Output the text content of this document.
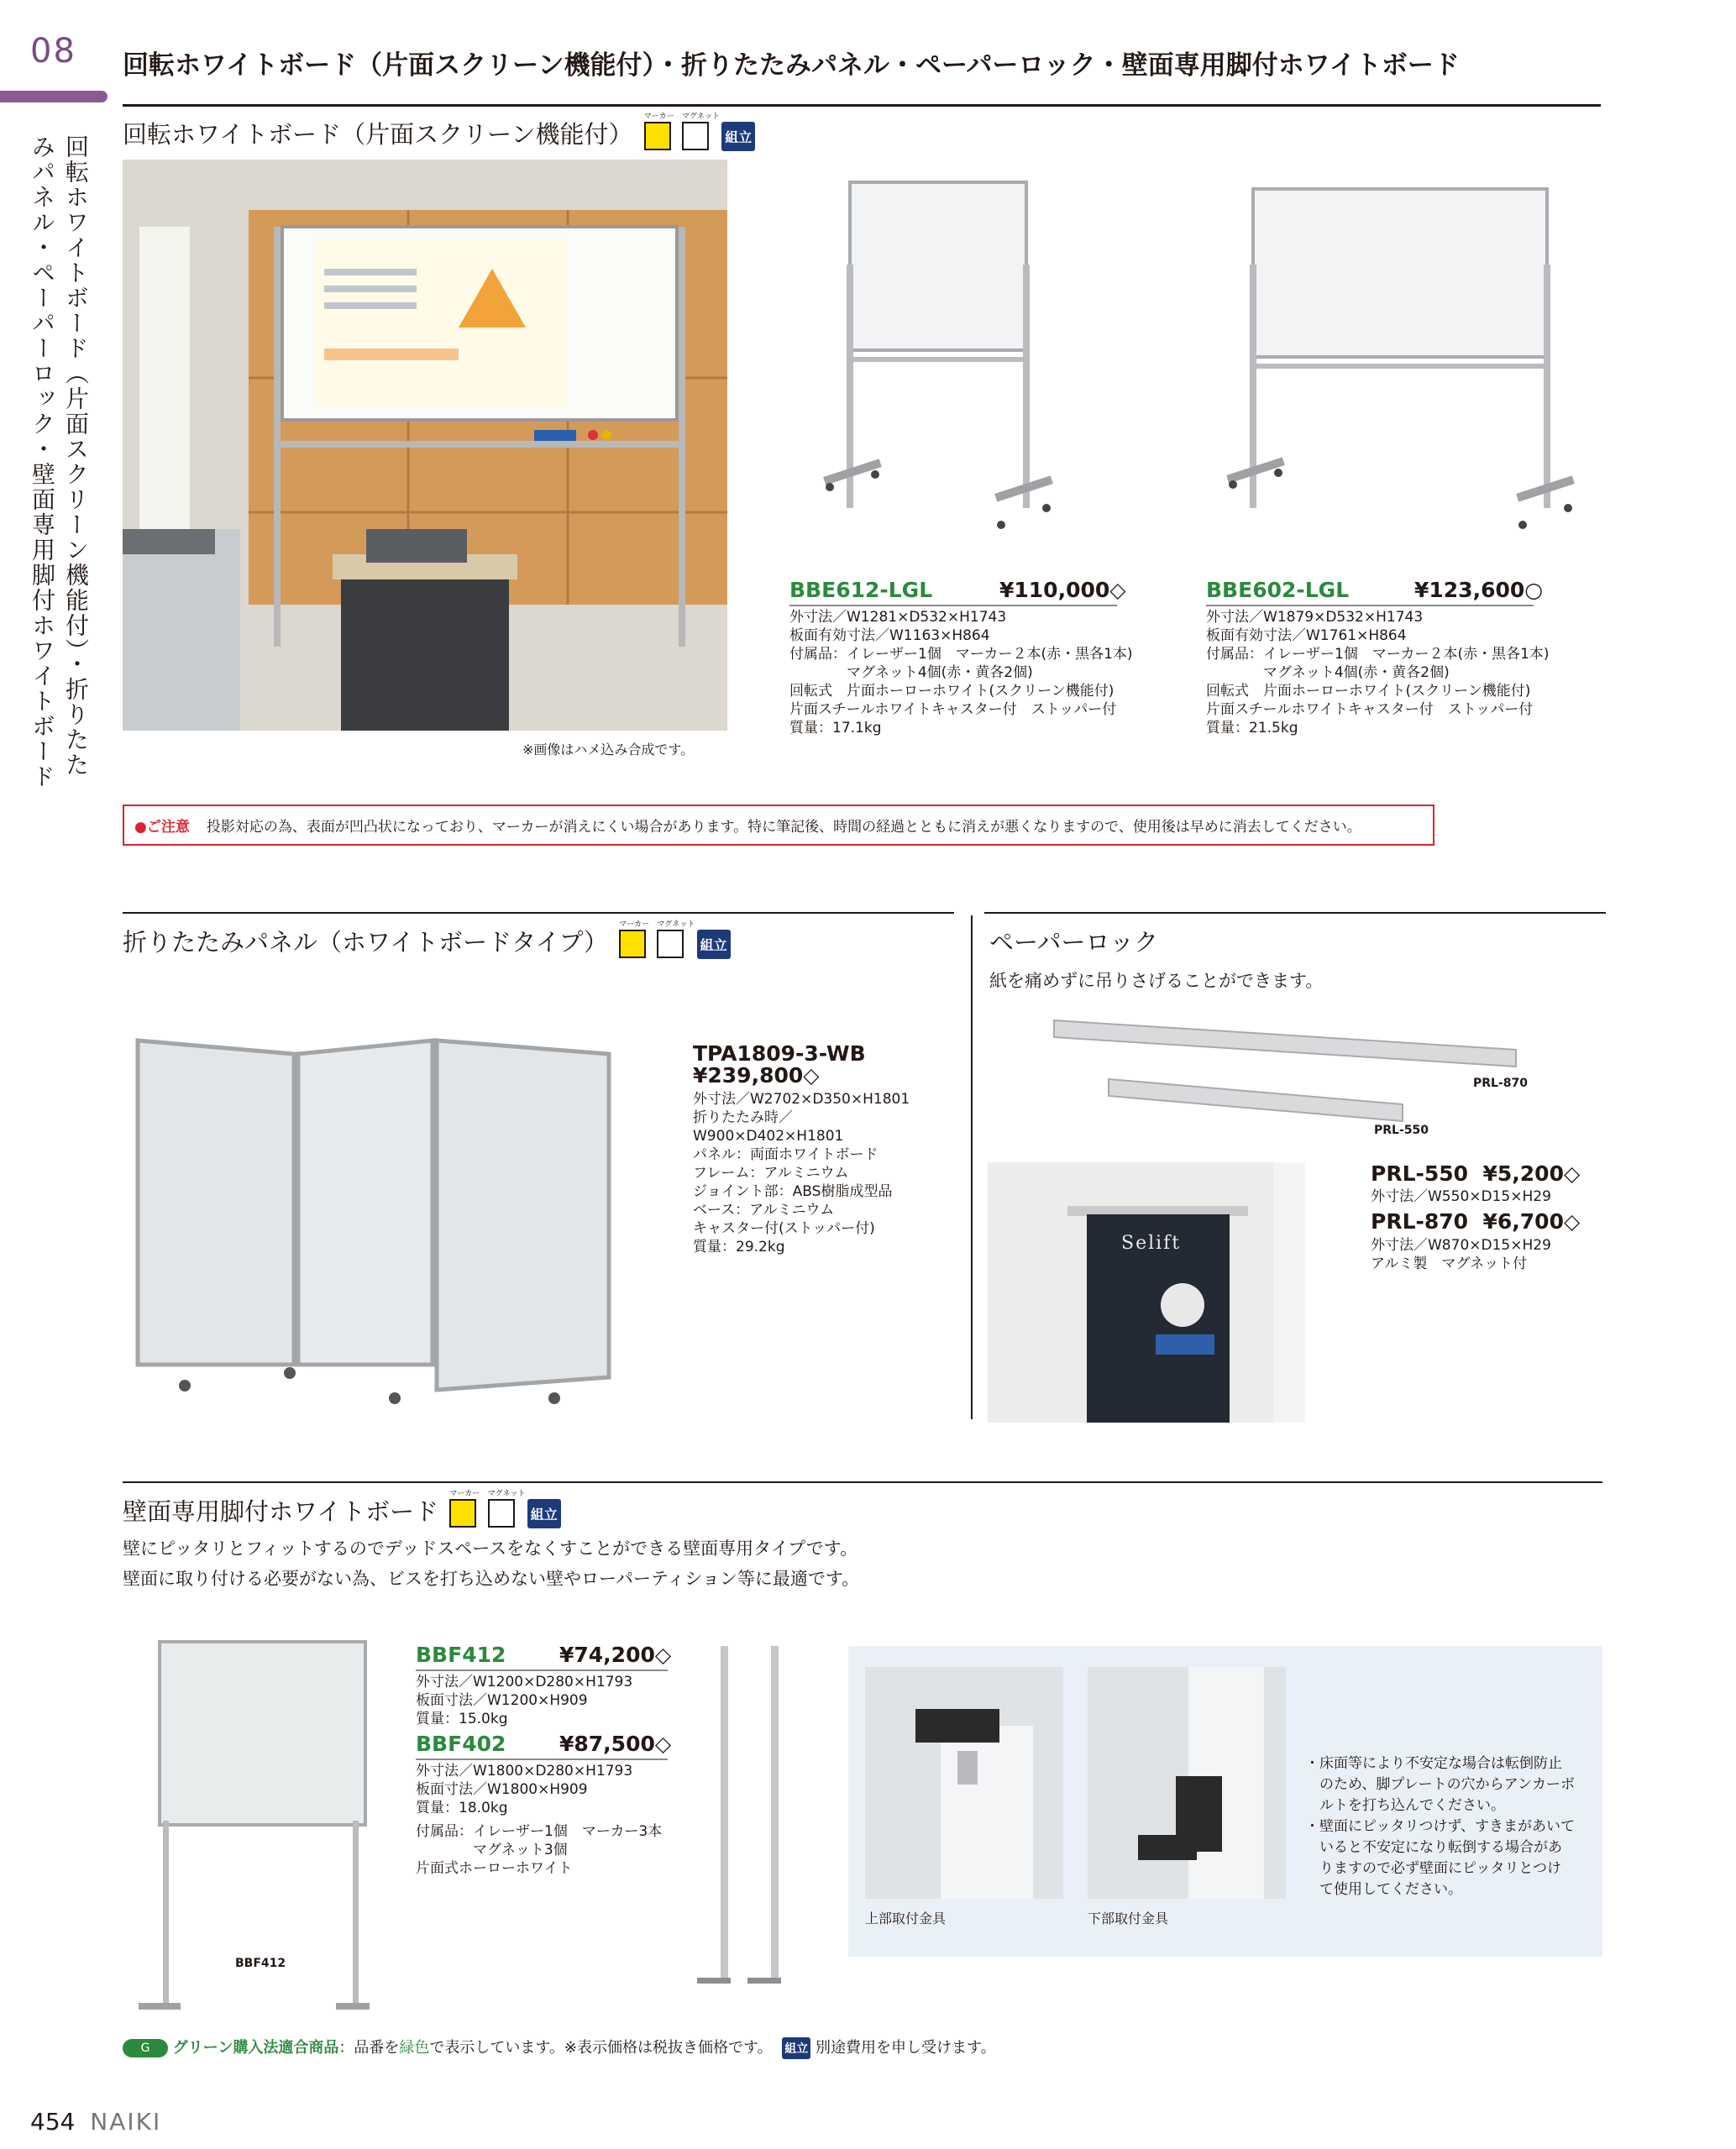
08
回転ホワイトボード（片面スクリーン機能付）・折りたたみパネル・ペーパーロック・壁面専用脚付ホワイトボード
回転ホワイトボード（片面スクリーン機能付）・折りたたみパネル・ペーパーロック・壁面専用脚付ホワイトボード
回転ホワイトボード（片面スクリーン機能付）
マーカー
マグネット
組立
※画像はハメ込み合成です。
BBE612-LGL	¥110,000◇
外寸法／W1281×D532×H1743
板面有効寸法／W1163×H864
付属品：イレーザー1個　マーカー２本(赤・黒各1本)
　　　　マグネット4個(赤・黄各2個)
回転式　片面ホーローホワイト(スクリーン機能付)
片面スチールホワイトキャスター付　ストッパー付
質量：17.1kg
BBE602-LGL	¥123,600○
外寸法／W1879×D532×H1743
板面有効寸法／W1761×H864
付属品：イレーザー1個　マーカー２本(赤・黒各1本)
　　　　マグネット4個(赤・黄各2個)
回転式　片面ホーローホワイト(スクリーン機能付)
片面スチールホワイトキャスター付　ストッパー付
質量：21.5kg
●ご注意 投影対応の為、表面が凹凸状になっており、マーカーが消えにくい場合があります。特に筆記後、時間の経過とともに消えが悪くなりますので、使用後は早めに消去してください。
折りたたみパネル（ホワイトボードタイプ）
マーカー
マグネット
組立
TPA1809-3-WB
¥239,800◇
外寸法／W2702×D350×H1801
折りたたみ時／
W900×D402×H1801
パネル：両面ホワイトボード
フレーム：アルミニウム
ジョイント部：ABS樹脂成型品
ベース：アルミニウム
キャスター付(ストッパー付)
質量：29.2kg
ペーパーロック
紙を痛めずに吊りさげることができます。
PRL-870
PRL-550
Selift
PRL-550 ¥5,200◇
外寸法／W550×D15×H29
PRL-870 ¥6,700◇
外寸法／W870×D15×H29
アルミ製　マグネット付
壁面専用脚付ホワイトボード
マーカー
マグネット
組立
壁にピッタリとフィットするのでデッドスペースをなくすことができる壁面専用タイプです。
壁面に取り付ける必要がない為、ビスを打ち込めない壁やローパーティション等に最適です。
BBF412
BBF412	¥74,200◇
外寸法／W1200×D280×H1793
板面寸法／W1200×H909
質量：15.0kg
BBF402	¥87,500◇
外寸法／W1800×D280×H1793
板面寸法／W1800×H909
質量：18.0kg
付属品：イレーザー1個　マーカー3本
　　　　マグネット3個
片面式ホーローホワイト
上部取付金具	下部取付金具
・床面等により不安定な場合は転倒防止
　のため、脚プレートの穴からアンカーボ
　ルトを打ち込んでください。
・壁面にピッタリつけず、すきまがあいて
　いると不安定になり転倒する場合があ
　りますので必ず壁面にピッタリとつけ
　て使用してください。
G グリーン購入法適合商品：品番を緑色で表示しています。※表示価格は税抜き価格です。 組立 別途費用を申し受けます。
454 NAIKI
